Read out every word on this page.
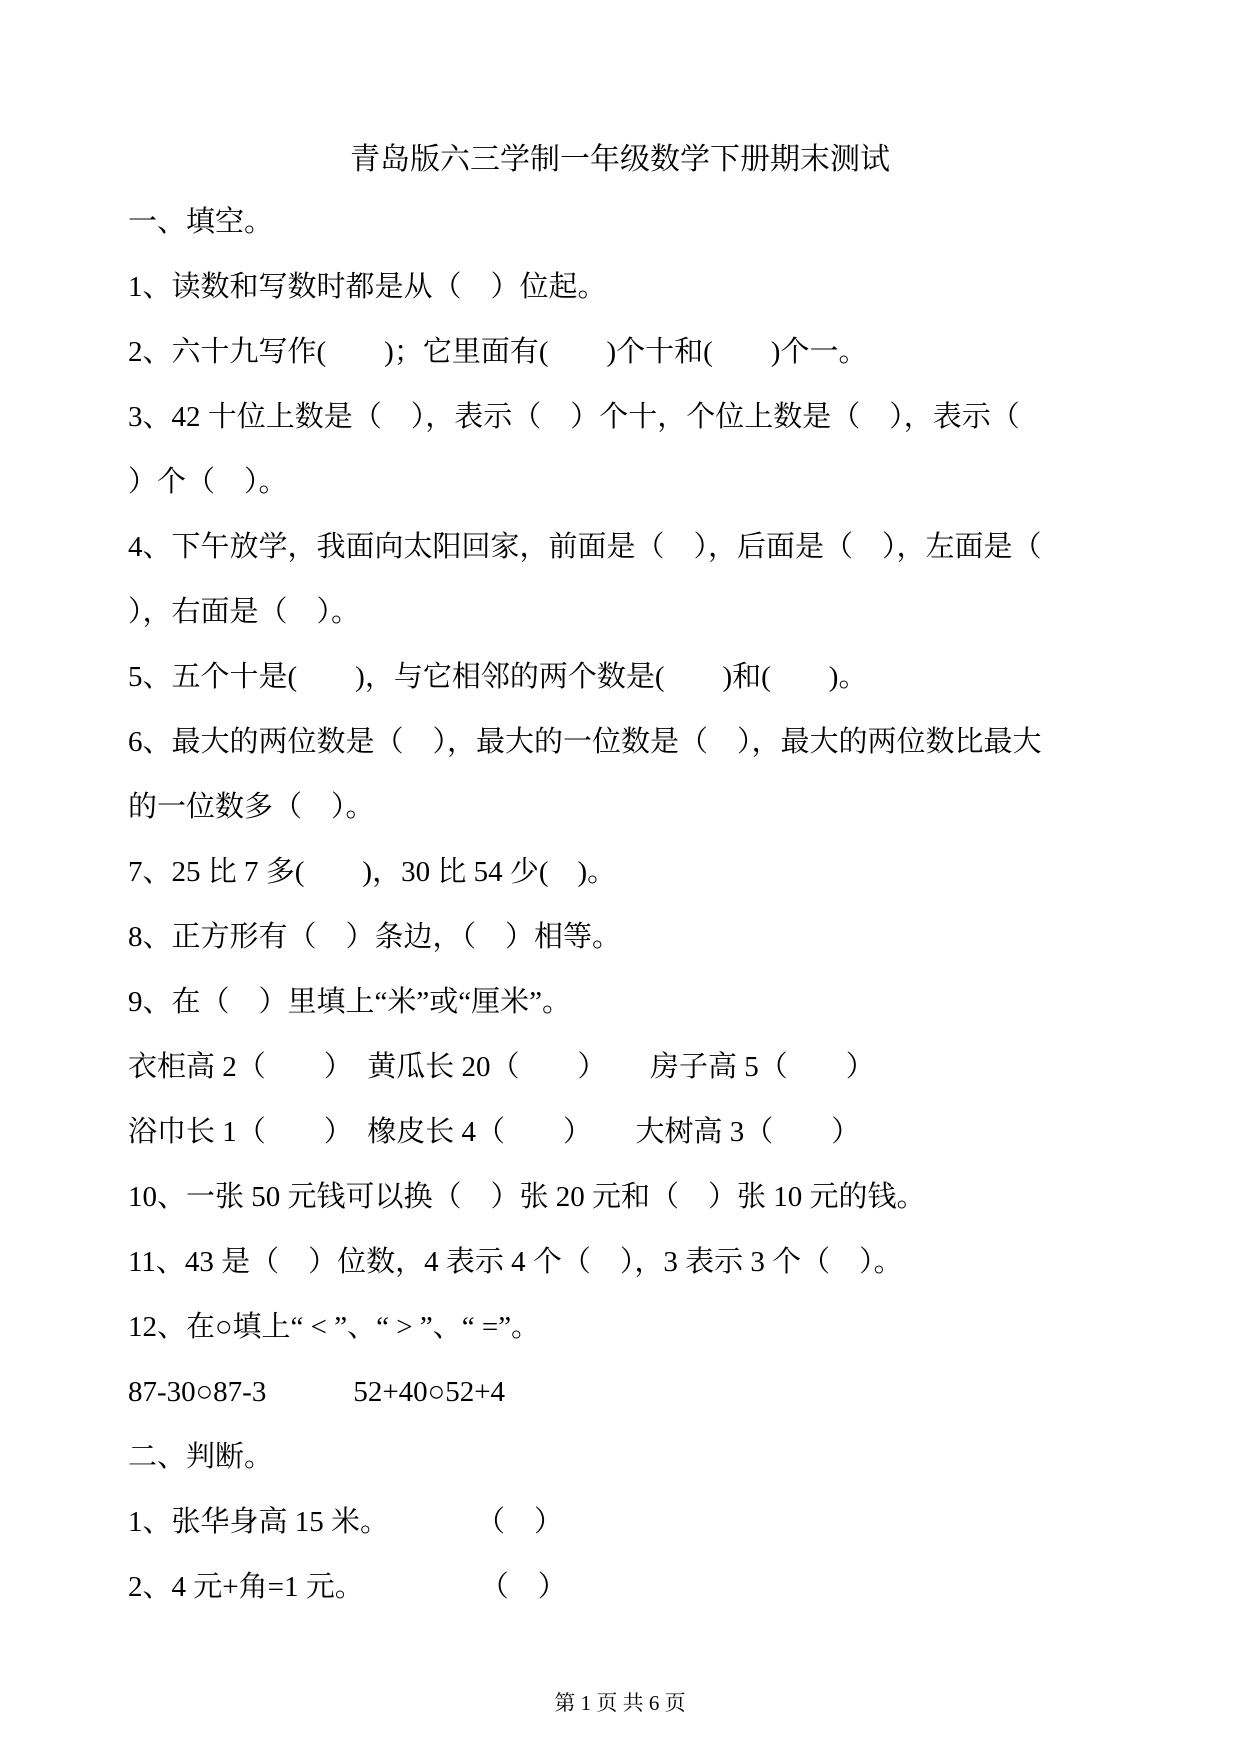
青岛版六三学制一年级数学下册期末测试

一、填空。

1、读数和写数时都是从（　）位起。

2、六十九写作(　　)；它里面有(　　)个十和(　　)个一。

3、42 十位上数是（　），表示（　）个十，个位上数是（　），表示（

）个（　）。

4、下午放学，我面向太阳回家，前面是（　），后面是（　），左面是（

），右面是（　）。

5、五个十是(　　)，与它相邻的两个数是(　　)和(　　)。

6、最大的两位数是（　），最大的一位数是（　），最大的两位数比最大

的一位数多（　）。

7、25 比 7 多(　　)，30 比 54 少(　)。

8、正方形有（　）条边，（　）相等。

9、在（　）里填上“米”或“厘米”。

衣柜高 2（　　）　黄瓜长 20（　　）　　房子高 5（　　）

浴巾长 1（　　）　橡皮长 4（　　）　　大树高 3（　　）

10、一张 50 元钱可以换（　）张 20 元和（　）张 10 元的钱。

11、43 是（　）位数，4 表示 4 个（　），3 表示 3 个（　）。

12、在○填上“ < ”、“ > ”、“ =”。

87-30○87-3　　　52+40○52+4

二、判断。

1、张华身高 15 米。　　　　（　）

2、4 元+角=1 元。　　　　　（　）

第 1 页 共 6 页
